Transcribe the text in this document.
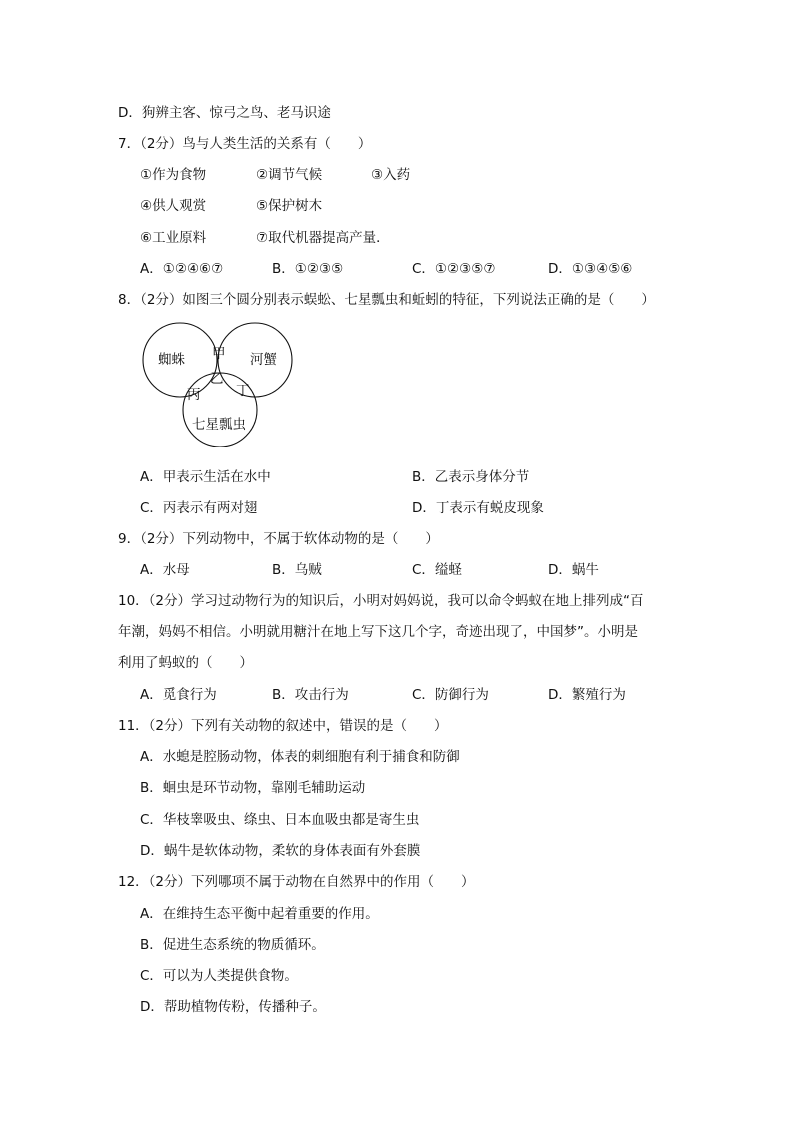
D．狗辨主客、惊弓之鸟、老马识途
7．（2分）鸟与人类生活的关系有（　　）
①作为食物	②调节气候	③入药
④供人观赏	⑤保护树木
⑥工业原料	⑦取代机器提高产量．
A．①②④⑥⑦	B．①②③⑤	C．①②③⑤⑦	D．①③④⑤⑥
8．（2分）如图三个圆分别表示蜈蚣、七星瓢虫和蚯蚓的特征，下列说法正确的是（　　）
蜘蛛	河蟹
七星瓢虫
甲
乙
丙	丁
A．甲表示生活在水中	B．乙表示身体分节
C．丙表示有两对翅	D．丁表示有蜕皮现象
9．（2分）下列动物中，不属于软体动物的是（　　）
A．水母	B．乌贼	C．缢蛏	D．蜗牛
10．（2分）学习过动物行为的知识后，小明对妈妈说，我可以命令蚂蚁在地上排列成“百
年潮，妈妈不相信。小明就用糖汁在地上写下这几个字，奇迹出现了，中国梦”。小明是
利用了蚂蚁的（　　）
A．觅食行为	B．攻击行为	C．防御行为	D．繁殖行为
11．（2分）下列有关动物的叙述中，错误的是（　　）
A．水螅是腔肠动物，体表的刺细胞有利于捕食和防御
B．蛔虫是环节动物，靠刚毛辅助运动
C．华枝睾吸虫、绦虫、日本血吸虫都是寄生虫
D．蜗牛是软体动物，柔软的身体表面有外套膜
12．（2分）下列哪项不属于动物在自然界中的作用（　　）
A．在维持生态平衡中起着重要的作用。
B．促进生态系统的物质循环。
C．可以为人类提供食物。
D．帮助植物传粉，传播种子。
